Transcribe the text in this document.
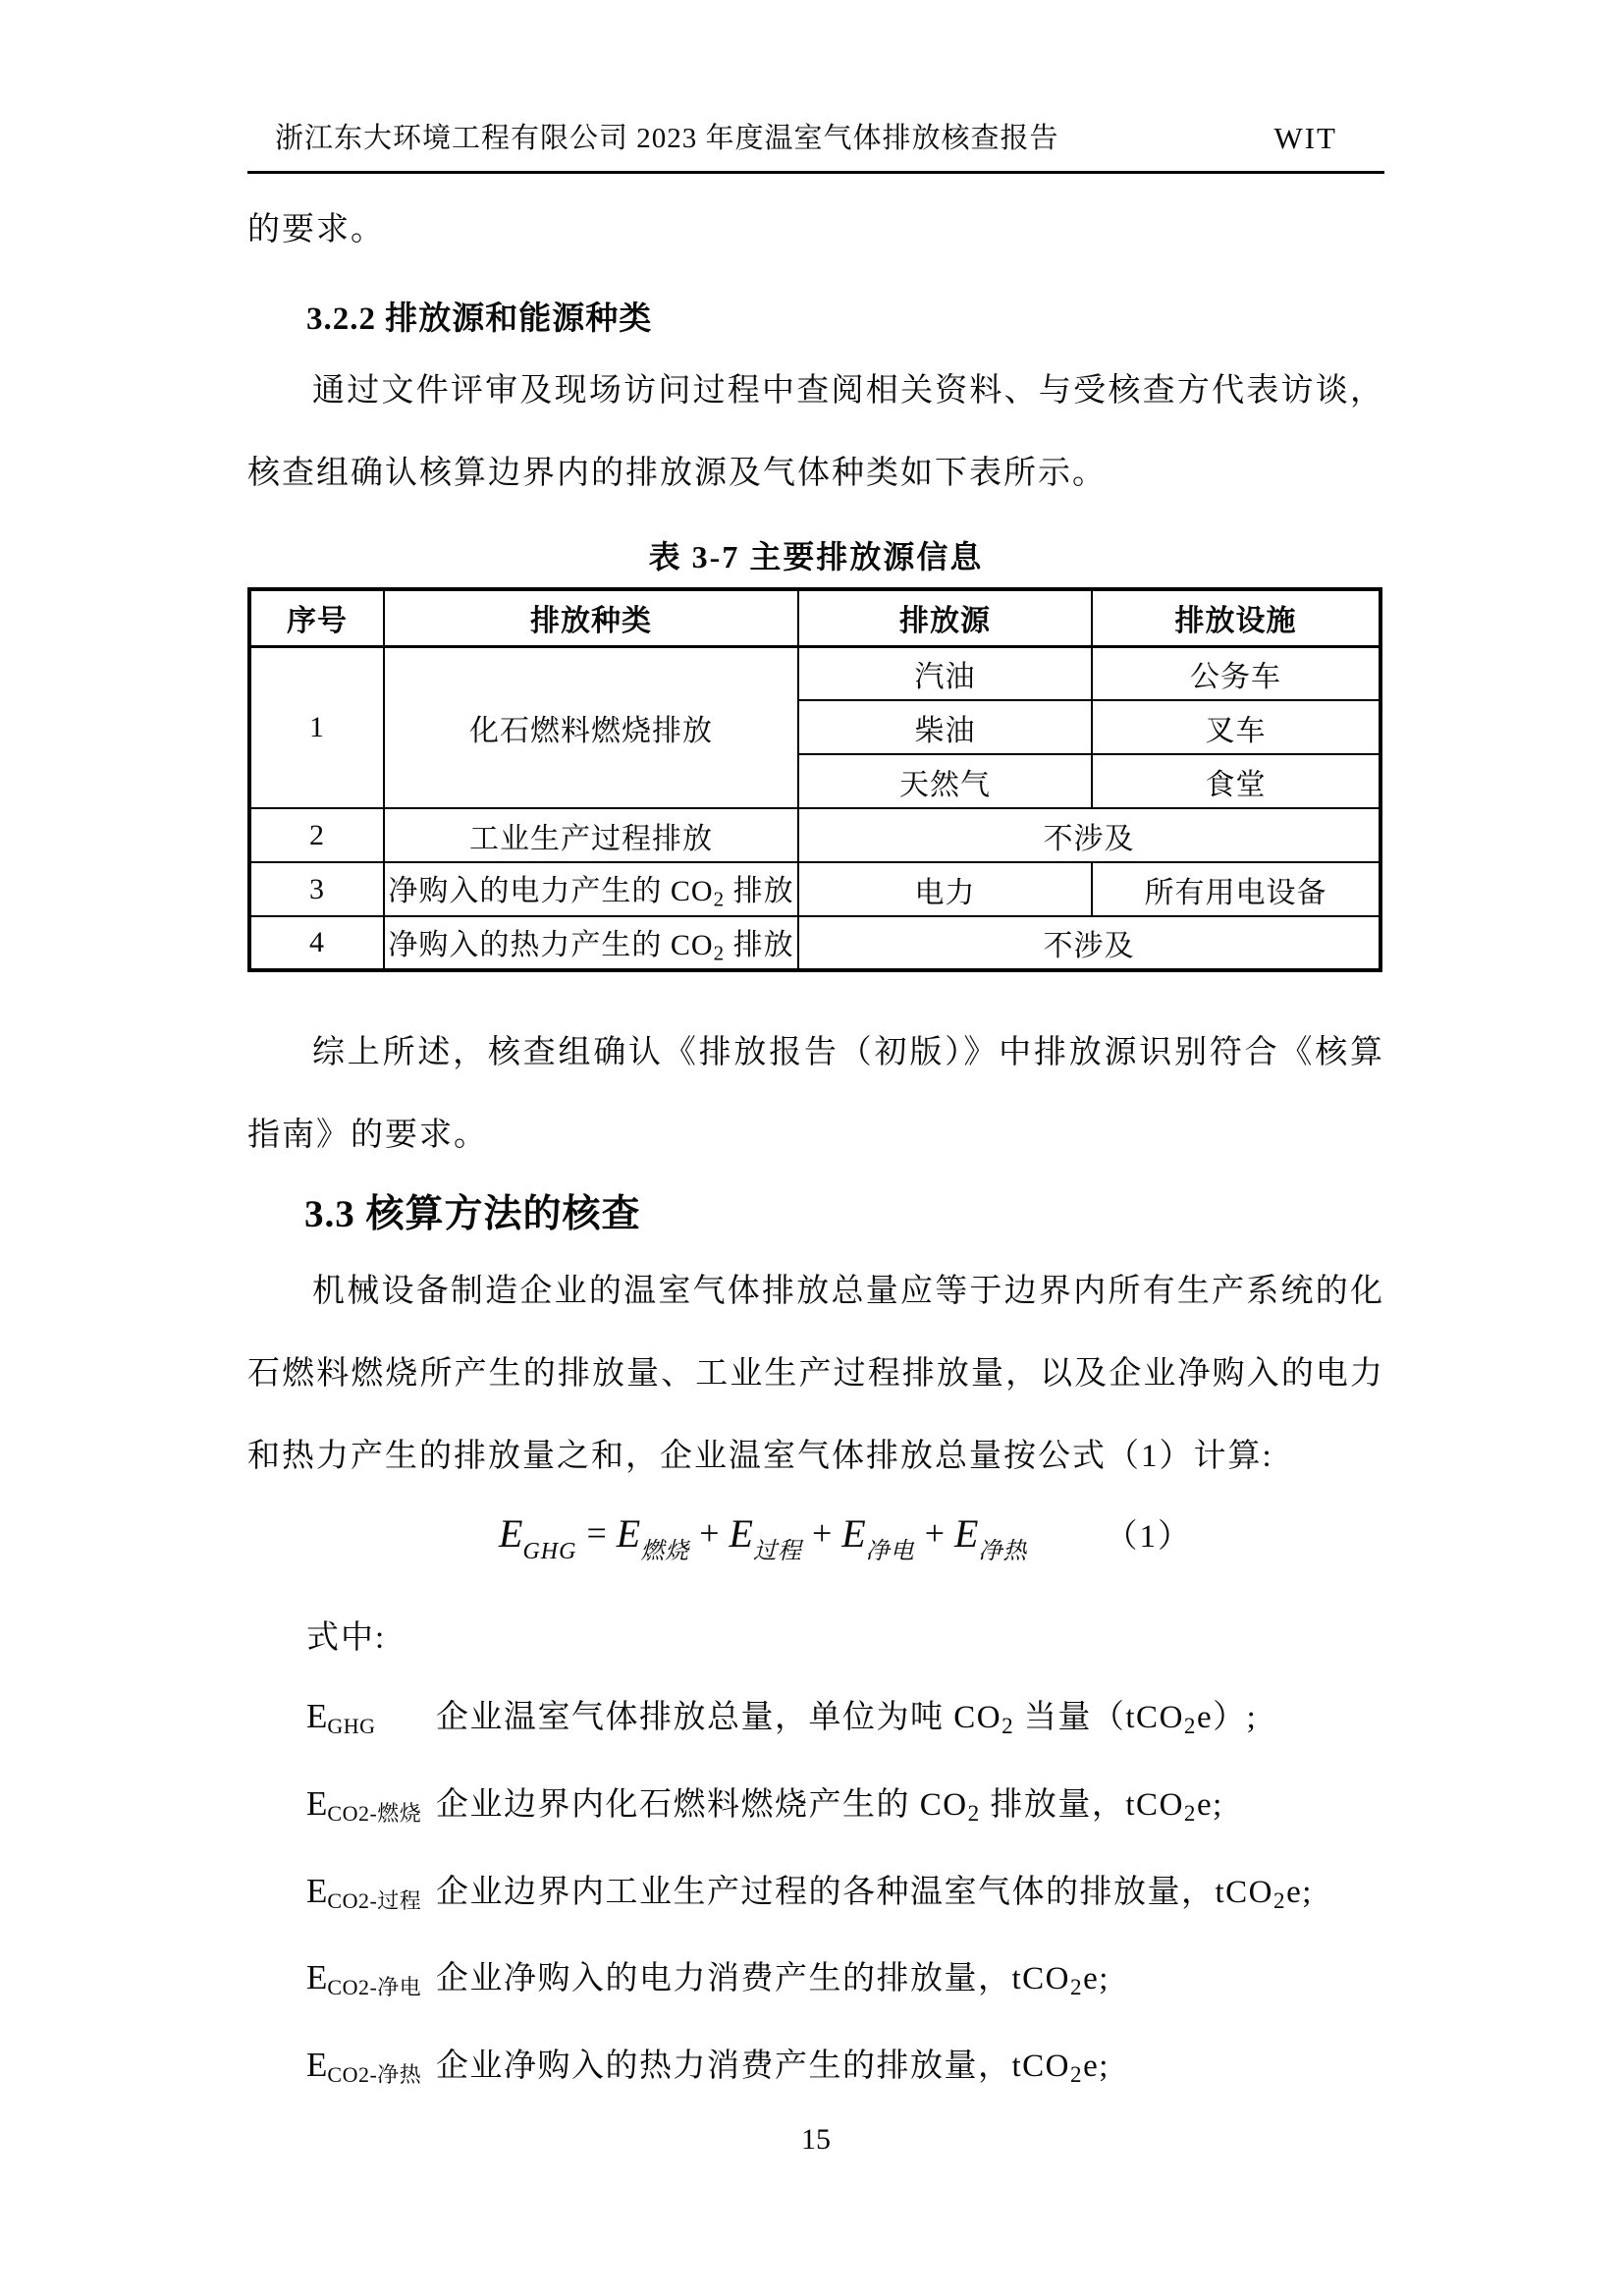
浙江东大环境工程有限公司 2023 年度温室气体排放核查报告	WIT
的要求。
3.2.2 排放源和能源种类
通过文件评审及现场访问过程中查阅相关资料、与受核查方代表访谈，核查组确认核算边界内的排放源及气体种类如下表所示。
表 3-7 主要排放源信息
序号	排放种类	排放源	排放设施
1	化石燃料燃烧排放	汽油	公务车
		柴油	叉车
		天然气	食堂
2	工业生产过程排放	不涉及	
3	净购入的电力产生的 $CO_2$ 排放	电力	所有用电设备
4	净购入的热力产生的 $CO_2$ 排放	不涉及	
综上所述，核查组确认《排放报告（初版）》中排放源识别符合《核算指南》的要求。
3.3 核算方法的核查
机械设备制造企业的温室气体排放总量应等于边界内所有生产系统的化石燃料燃烧所产生的排放量、工业生产过程排放量，以及企业净购入的电力和热力产生的排放量之和，企业温室气体排放总量按公式（1）计算:
EGHG = E燃烧 + E过程 + E净电 + E净热 （1）
式中:
EGHG	企业温室气体排放总量，单位为吨 $CO_2$ 当量（tCO$_2$e）;
ECO2-燃烧 企业边界内化石燃料燃烧产生的 $CO_2$ 排放量，tCO$_2$e;
ECO2-过程 企业边界内工业生产过程的各种温室气体的排放量，tCO$_2$e;
ECO2-净电 企业净购入的电力消费产生的排放量，tCO$_2$e;
ECO2-净热 企业净购入的热力消费产生的排放量，tCO$_2$e;
15
